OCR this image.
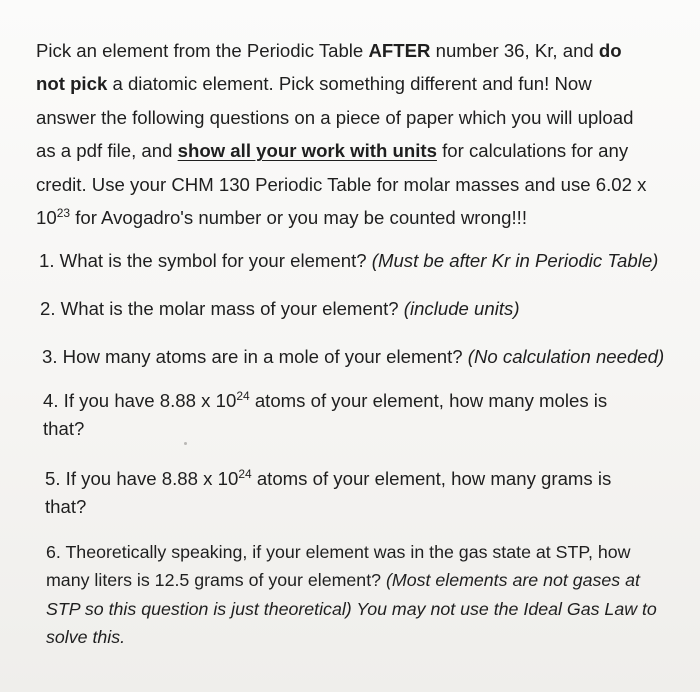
Pick an element from the Periodic Table AFTER number 36, Kr, and do
not pick a diatomic element. Pick something different and fun! Now
answer the following questions on a piece of paper which you will upload
as a pdf file, and show all your work with units for calculations for any
credit. Use your CHM 130 Periodic Table for molar masses and use 6.02 x
$10^{23}$ for Avogadro's number or you may be counted wrong!!!
1. What is the symbol for your element? (Must be after Kr in Periodic Table)
2. What is the molar mass of your element? (include units)
3. How many atoms are in a mole of your element? (No calculation needed)
4. If you have 8.88 x $10^{24}$ atoms of your element, how many moles is
that?
5. If you have 8.88 x $10^{24}$ atoms of your element, how many grams is
that?
6. Theoretically speaking, if your element was in the gas state at STP, how
many liters is 12.5 grams of your element? (Most elements are not gases at
STP so this question is just theoretical) You may not use the Ideal Gas Law to
solve this.
